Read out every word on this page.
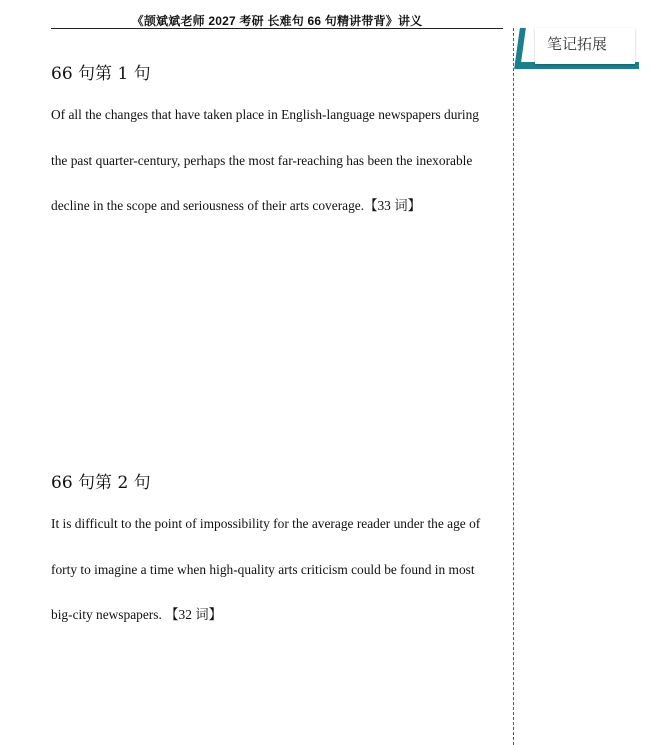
《颉斌斌老师 2027 考研 长难句 66 句精讲带背》讲义
笔记拓展
66 句第 1 句

Of all the changes that have taken place in English-language newspapers during
the past quarter-century, perhaps the most far-reaching has been the inexorable
decline in the scope and seriousness of their arts coverage.【33 词】

66 句第 2 句

It is difficult to the point of impossibility for the average reader under the age of
forty to imagine a time when high-quality arts criticism could be found in most
big-city newspapers. 【32 词】
